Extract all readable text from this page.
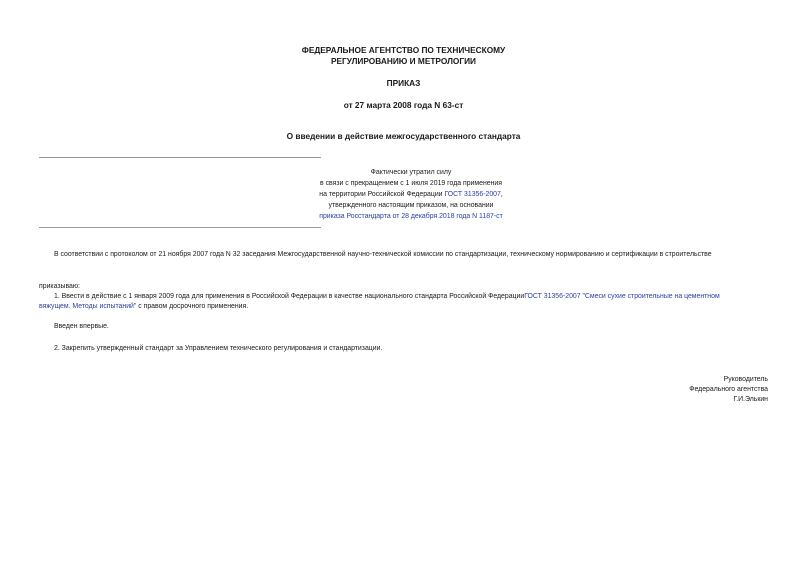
ФЕДЕРАЛЬНОЕ АГЕНТСТВО ПО ТЕХНИЧЕСКОМУ
РЕГУЛИРОВАНИЮ И МЕТРОЛОГИИ
ПРИКАЗ
от 27 марта 2008 года N 63-ст
О введении в действие межгосударственного стандарта
Фактически утратил силу
в связи с прекращением с 1 июля 2019 года применения
на территории Российской Федерации ГОСТ 31356-2007,
утвержденного настоящим приказом, на основании
приказа Росстандарта от 28 декабря 2018 года N 1187-ст
В соответствии с протоколом от 21 ноября 2007 года N 32 заседания Межгосударственной научно-технической комиссии по стандартизации, техническому нормированию и сертификации в строительстве
приказываю:
1. Ввести в действие с 1 января 2009 года для применения в Российской Федерации в качестве национального стандарта Российской ФедерацииГОСТ 31356-2007 "Смеси сухие строительные на цементном
вяжущем. Методы испытаний" с правом досрочного применения.
Введен впервые.
2. Закрепить утвержденный стандарт за Управлением технического регулирования и стандартизации.
Руководитель
Федерального агентства
Г.И.Элькин
